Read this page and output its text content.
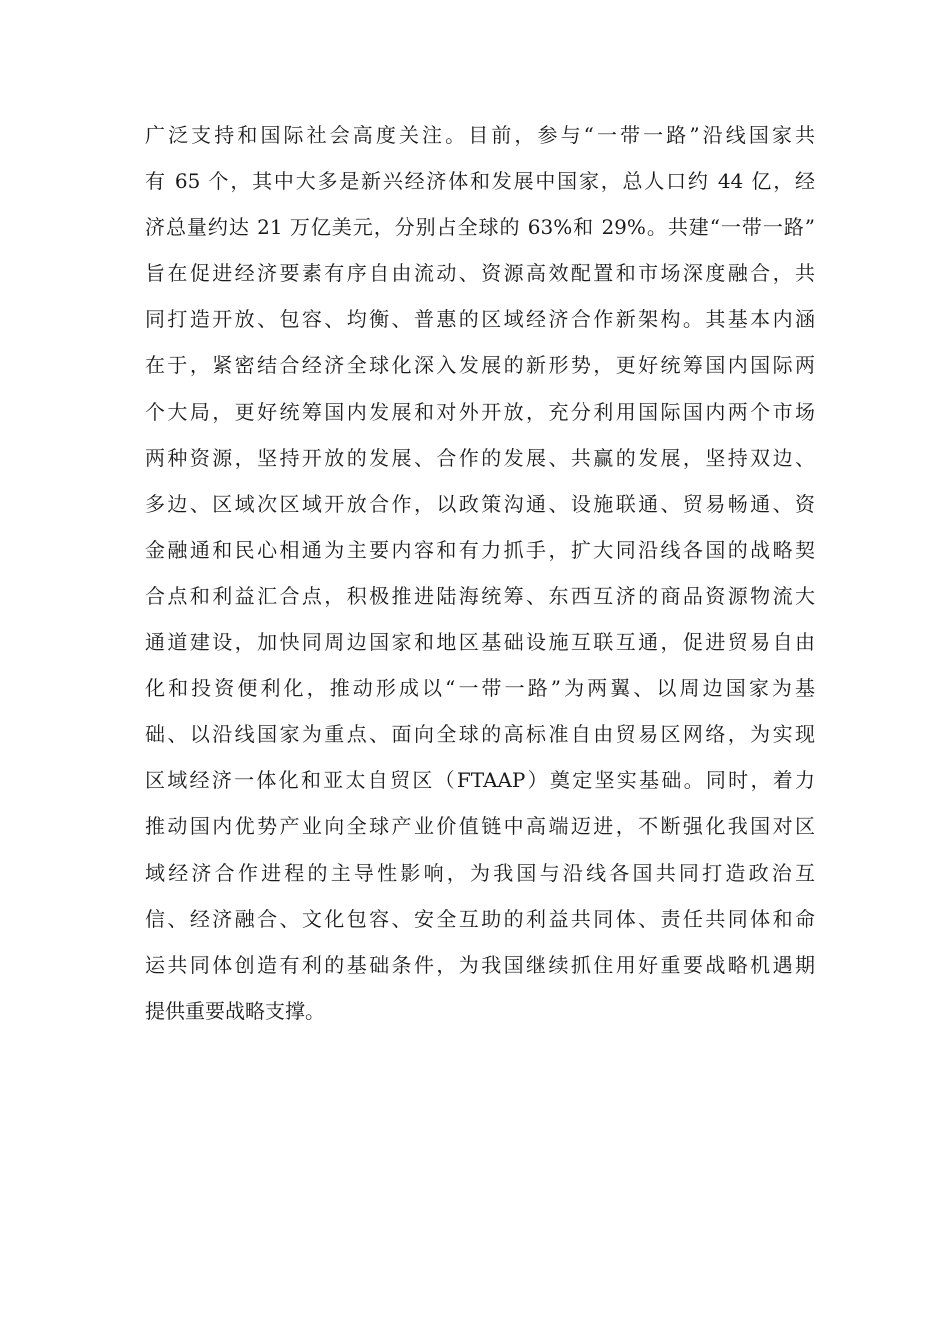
广泛支持和国际社会高度关注。目前，参与“一带一路”沿线国家共
有 65 个，其中大多是新兴经济体和发展中国家，总人口约 44 亿，经
济总量约达 21 万亿美元，分别占全球的 63%和 29%。共建“一带一路”
旨在促进经济要素有序自由流动、资源高效配置和市场深度融合，共
同打造开放、包容、均衡、普惠的区域经济合作新架构。其基本内涵
在于，紧密结合经济全球化深入发展的新形势，更好统筹国内国际两
个大局，更好统筹国内发展和对外开放，充分利用国际国内两个市场
两种资源，坚持开放的发展、合作的发展、共赢的发展，坚持双边、
多边、区域次区域开放合作，以政策沟通、设施联通、贸易畅通、资
金融通和民心相通为主要内容和有力抓手，扩大同沿线各国的战略契
合点和利益汇合点，积极推进陆海统筹、东西互济的商品资源物流大
通道建设，加快同周边国家和地区基础设施互联互通，促进贸易自由
化和投资便利化，推动形成以“一带一路”为两翼、以周边国家为基
础、以沿线国家为重点、面向全球的高标准自由贸易区网络，为实现
区域经济一体化和亚太自贸区（FTAAP）奠定坚实基础。同时，着力
推动国内优势产业向全球产业价值链中高端迈进，不断强化我国对区
域经济合作进程的主导性影响，为我国与沿线各国共同打造政治互
信、经济融合、文化包容、安全互助的利益共同体、责任共同体和命
运共同体创造有利的基础条件，为我国继续抓住用好重要战略机遇期
提供重要战略支撑。
